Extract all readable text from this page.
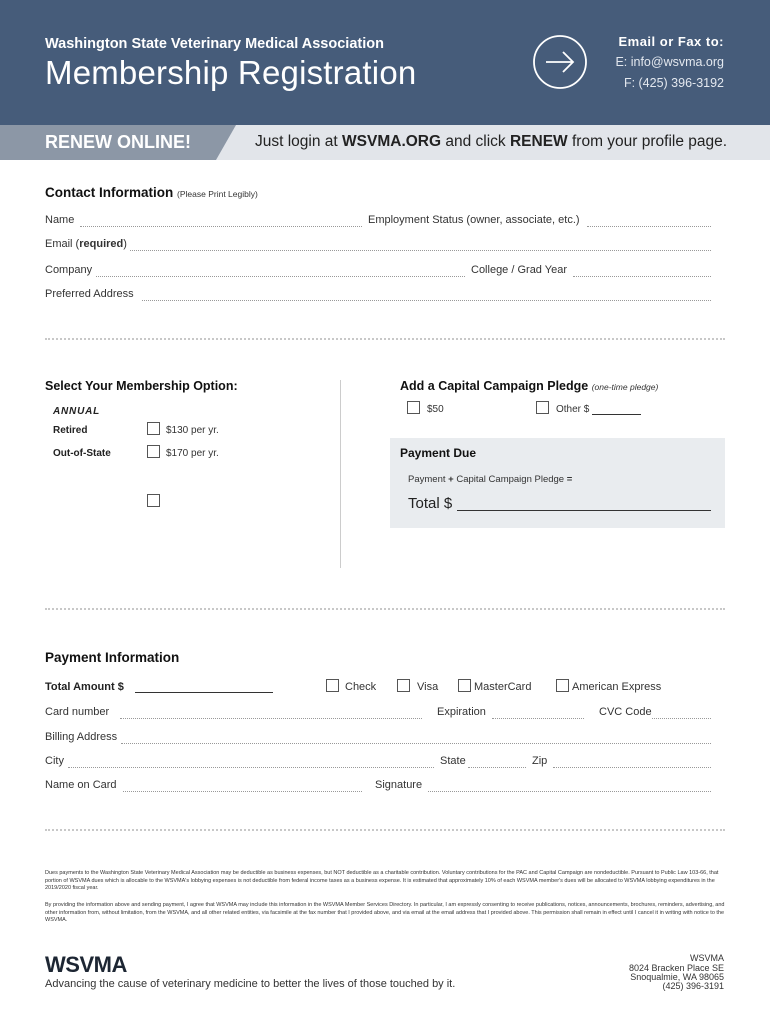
Washington State Veterinary Medical Association
Membership Registration
Email or Fax to:
E: info@wsvma.org
F: (425) 396-3192
RENEW ONLINE!	Just login at WSVMA.ORG and click RENEW from your profile page.
Contact Information (Please Print Legibly)
Name	Employment Status (owner, associate, etc.)
Email (required)
Company	College / Grad Year
Preferred Address
Select Your Membership Option:
ANNUAL
Retired	$130 per yr.
Out-of-State	$170 per yr.
Add a Capital Campaign Pledge (one-time pledge)
$50	Other $
Payment Due
Payment + Capital Campaign Pledge =
Total $
Payment Information
Total Amount $	Check	Visa	MasterCard	American Express
Card number	Expiration	CVC Code
Billing Address
City	State	Zip
Name on Card	Signature
Dues payments to the Washington State Veterinary Medical Association may be deductible as business expenses, but NOT deductible as a charitable contribution. Voluntary contributions for the PAC and Capital Campaign are nondeductible. Pursuant to Public Law 103-66, that portion of WSVMA dues which is allocable to the WSVMA's lobbying expenses is not deductible from federal income taxes as a business expense. It is estimated that approximately 10% of each WSVMA member's dues will be allocated to WSVMA lobbying expenditures in the 2019/2020 fiscal year.
By providing the information above and sending payment, I agree that WSVMA may include this information in the WSVMA Member Services Directory. In particular, I am expressly consenting to receive publications, notices, announcements, brochures, reminders, advertising, and other information from, without limitation, from the WSVMA, and all other related entities, via facsimile at the fax number that I provided above, and via email at the email address that I provided above. This permission shall remain in effect until I cancel it in writing with notice to the WSVMA.
WSVMA
Advancing the cause of veterinary medicine to better the lives of those touched by it.
WSVMA
8024 Bracken Place SE
Snoqualmie, WA 98065
(425) 396-3191
